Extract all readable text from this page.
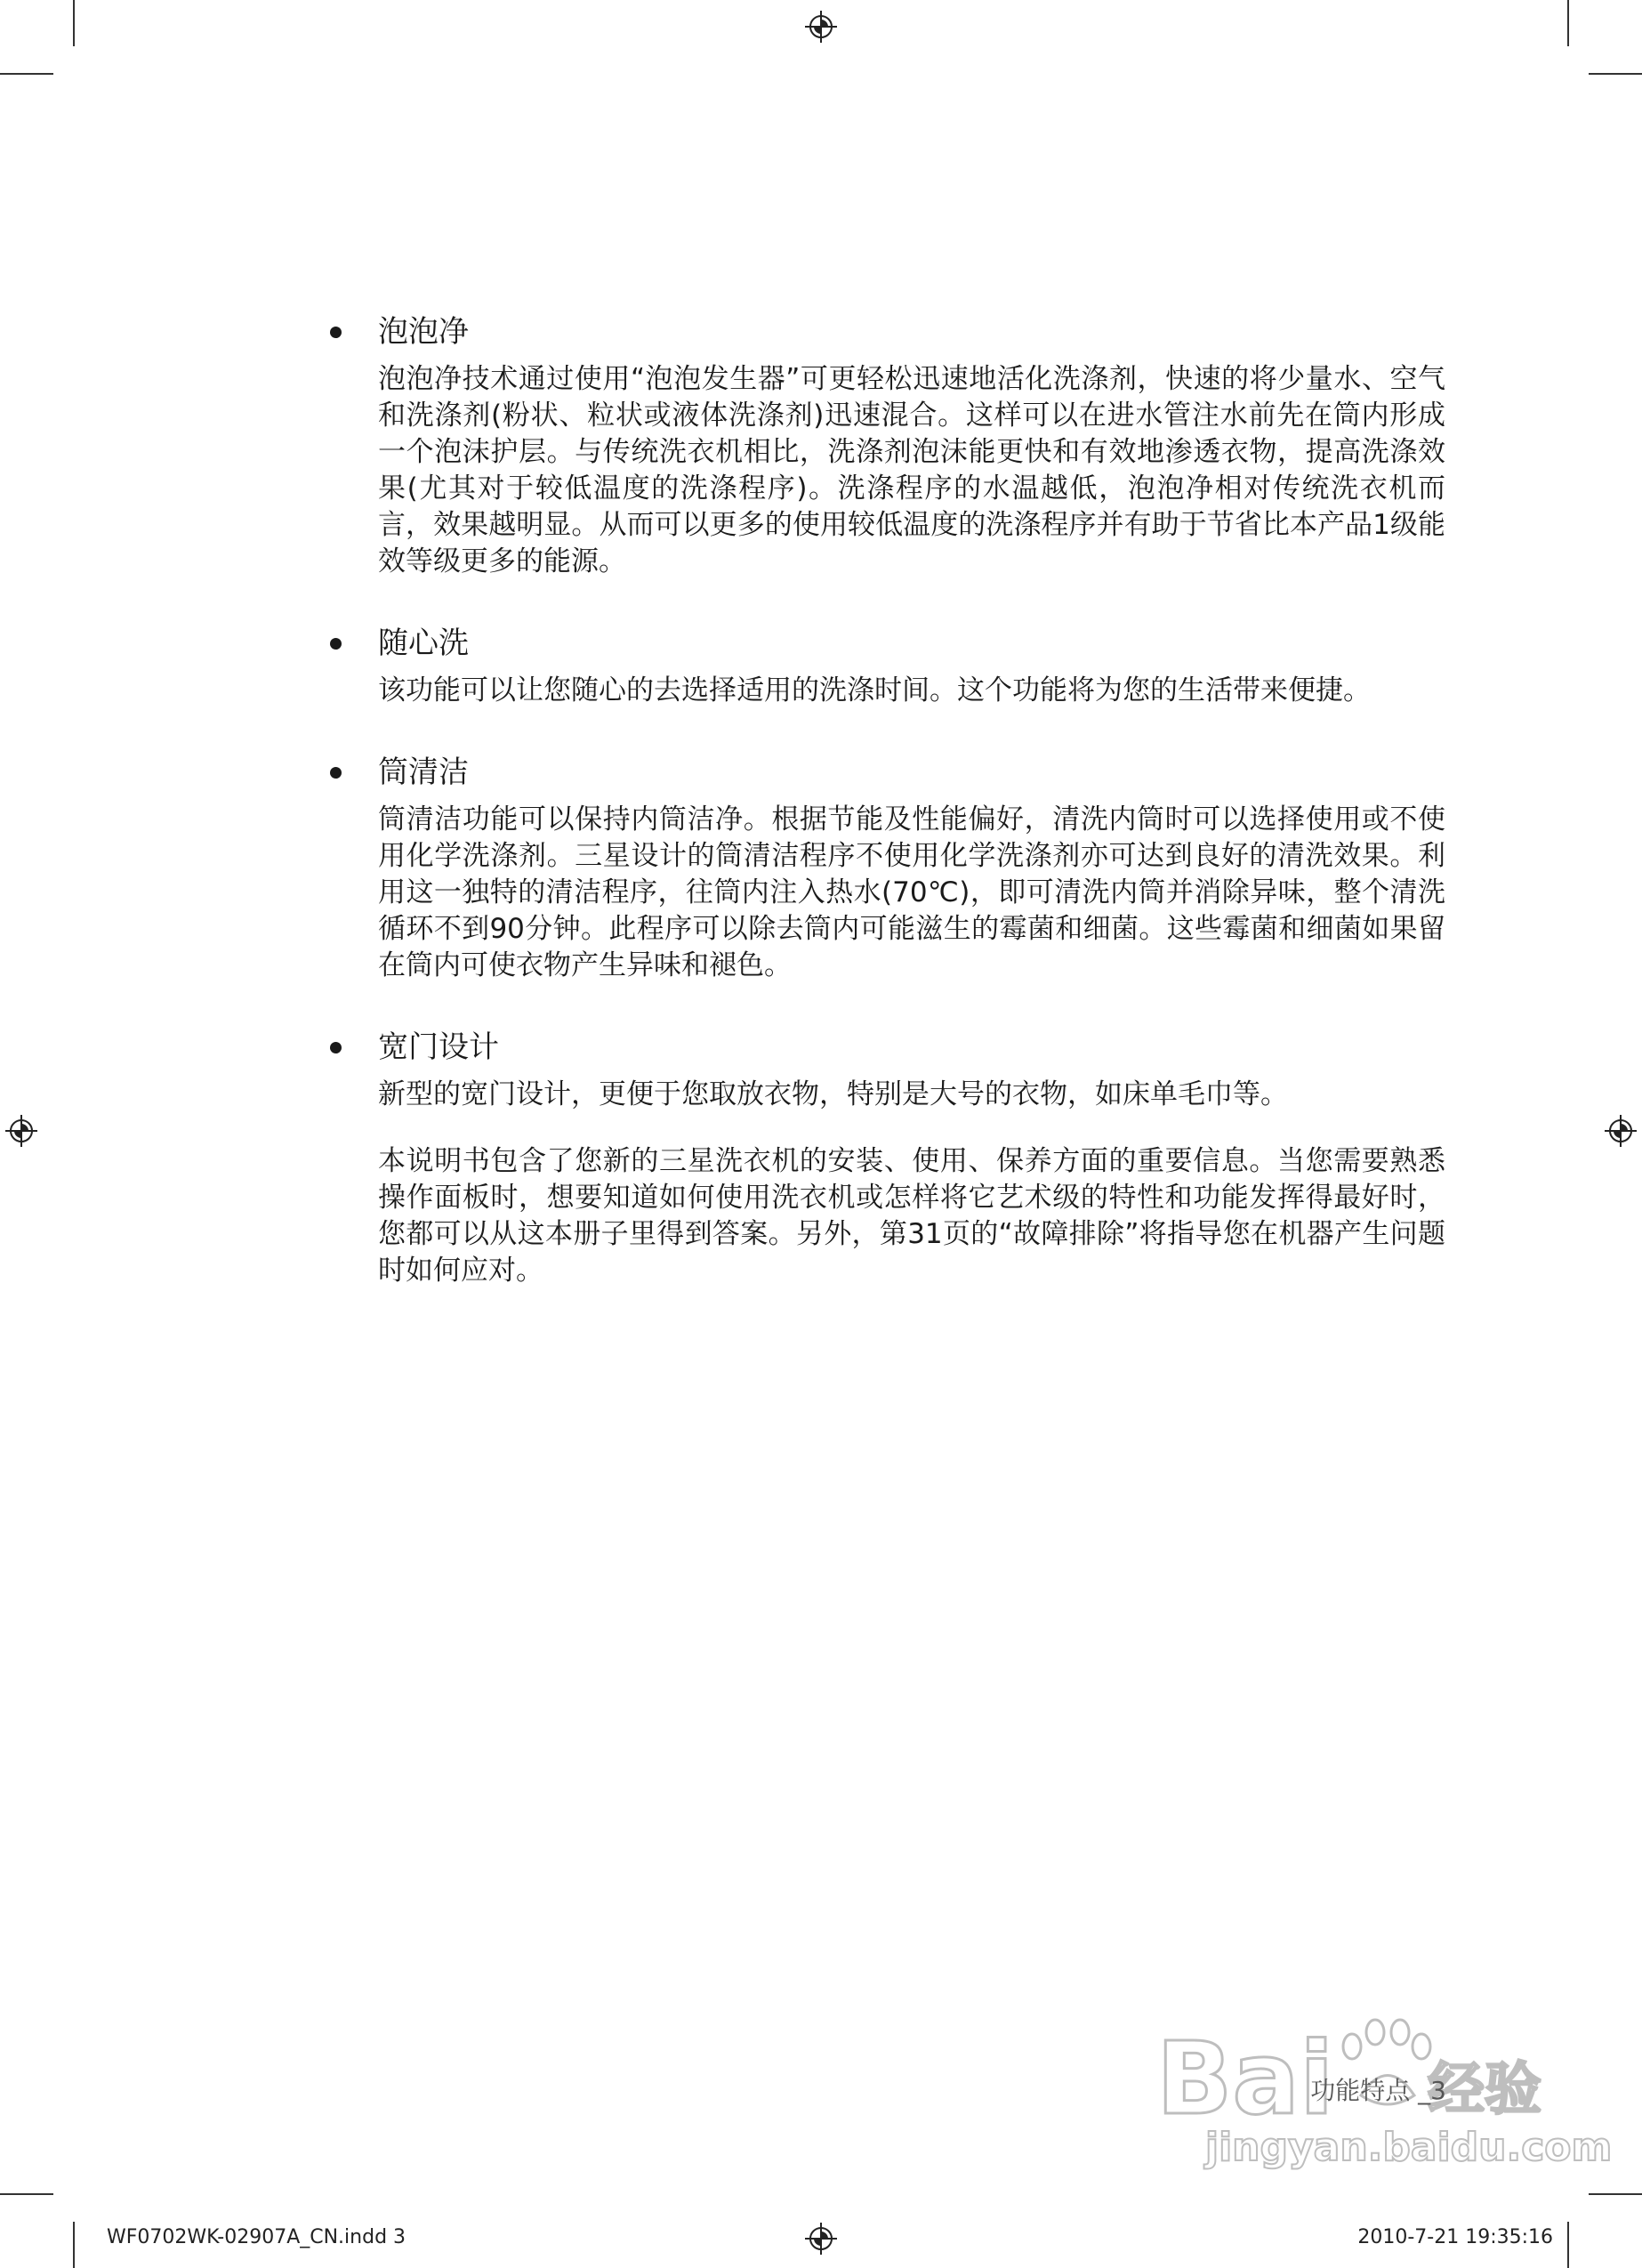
泡泡净
泡泡净技术通过使用“泡泡发生器”可更轻松迅速地活化洗涤剂，快速的将少量水、空气和洗涤剂(粉状、粒状或液体洗涤剂)迅速混合。这样可以在进水管注水前先在筒内形成一个泡沫护层。与传统洗衣机相比，洗涤剂泡沫能更快和有效地渗透衣物，提高洗涤效果(尤其对于较低温度的洗涤程序)。洗涤程序的水温越低，泡泡净相对传统洗衣机而言，效果越明显。从而可以更多的使用较低温度的洗涤程序并有助于节省比本产品1级能效等级更多的能源。
随心洗
该功能可以让您随心的去选择适用的洗涤时间。这个功能将为您的生活带来便捷。
筒清洁
筒清洁功能可以保持内筒洁净。根据节能及性能偏好，清洗内筒时可以选择使用或不使用化学洗涤剂。三星设计的筒清洁程序不使用化学洗涤剂亦可达到良好的清洗效果。利用这一独特的清洁程序，往筒内注入热水(70℃)，即可清洗内筒并消除异味，整个清洗循环不到90分钟。此程序可以除去筒内可能滋生的霉菌和细菌。这些霉菌和细菌如果留在筒内可使衣物产生异味和褪色。
宽门设计
新型的宽门设计，更便于您取放衣物，特别是大号的衣物，如床单毛巾等。
本说明书包含了您新的三星洗衣机的安装、使用、保养方面的重要信息。当您需要熟悉操作面板时，想要知道如何使用洗衣机或怎样将它艺术级的特性和功能发挥得最好时，您都可以从这本册子里得到答案。另外，第31页的“故障排除”将指导您在机器产生问题时如何应对。
Bai 经验
jingyan.baidu.com
功能特点 _3
WF0702WK-02907A_CN.indd 3	2010-7-21 19:35:16
